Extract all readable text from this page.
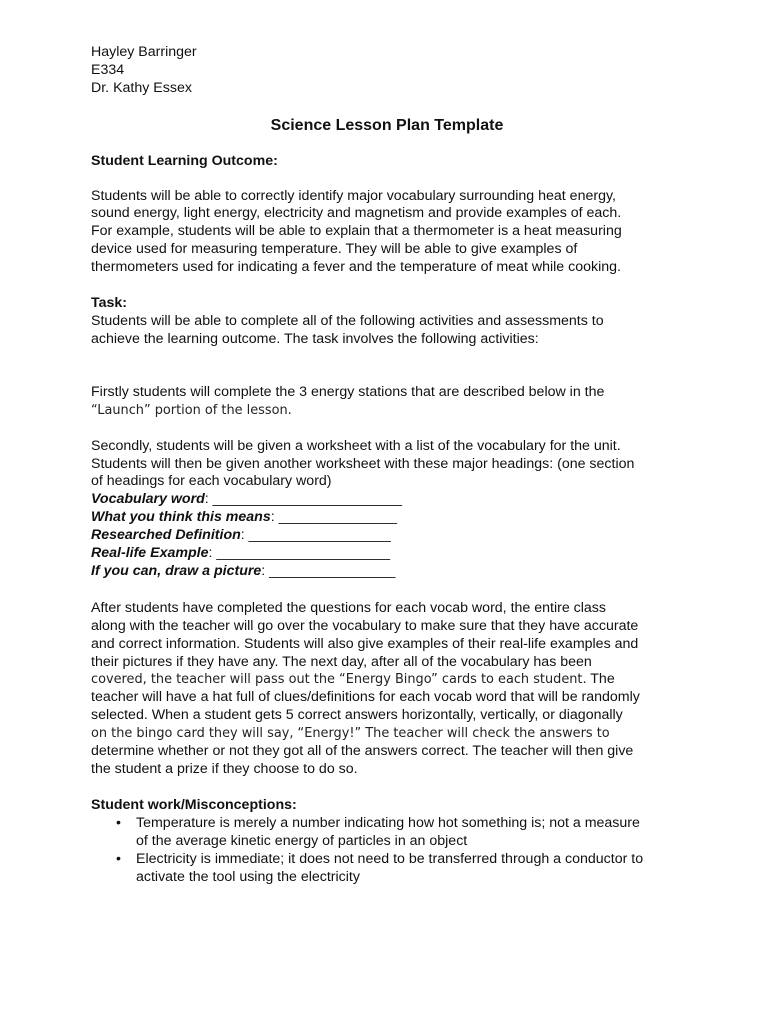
Hayley Barringer
E334
Dr. Kathy Essex
Science Lesson Plan Template
Student Learning Outcome:
Students will be able to correctly identify major vocabulary surrounding heat energy,
sound energy, light energy, electricity and magnetism and provide examples of each.
For example, students will be able to explain that a thermometer is a heat measuring
device used for measuring temperature. They will be able to give examples of
thermometers used for indicating a fever and the temperature of meat while cooking.
Task:
Students will be able to complete all of the following activities and assessments to
achieve the learning outcome. The task involves the following activities:
Firstly students will complete the 3 energy stations that are described below in the
“Launch” portion of the lesson.
Secondly, students will be given a worksheet with a list of the vocabulary for the unit.
Students will then be given another worksheet with these major headings: (one section
of headings for each vocabulary word)
Vocabulary word: ________________________
What you think this means: _______________
Researched Definition: __________________
Real-life Example: ______________________
If you can, draw a picture: ________________
After students have completed the questions for each vocab word, the entire class
along with the teacher will go over the vocabulary to make sure that they have accurate
and correct information. Students will also give examples of their real-life examples and
their pictures if they have any. The next day, after all of the vocabulary has been
covered, the teacher will pass out the “Energy Bingo” cards to each student. The
teacher will have a hat full of clues/definitions for each vocab word that will be randomly
selected. When a student gets 5 correct answers horizontally, vertically, or diagonally
on the bingo card they will say, “Energy!” The teacher will check the answers to
determine whether or not they got all of the answers correct. The teacher will then give
the student a prize if they choose to do so.
Student work/Misconceptions:
• Temperature is merely a number indicating how hot something is; not a measure
of the average kinetic energy of particles in an object
• Electricity is immediate; it does not need to be transferred through a conductor to
activate the tool using the electricity
